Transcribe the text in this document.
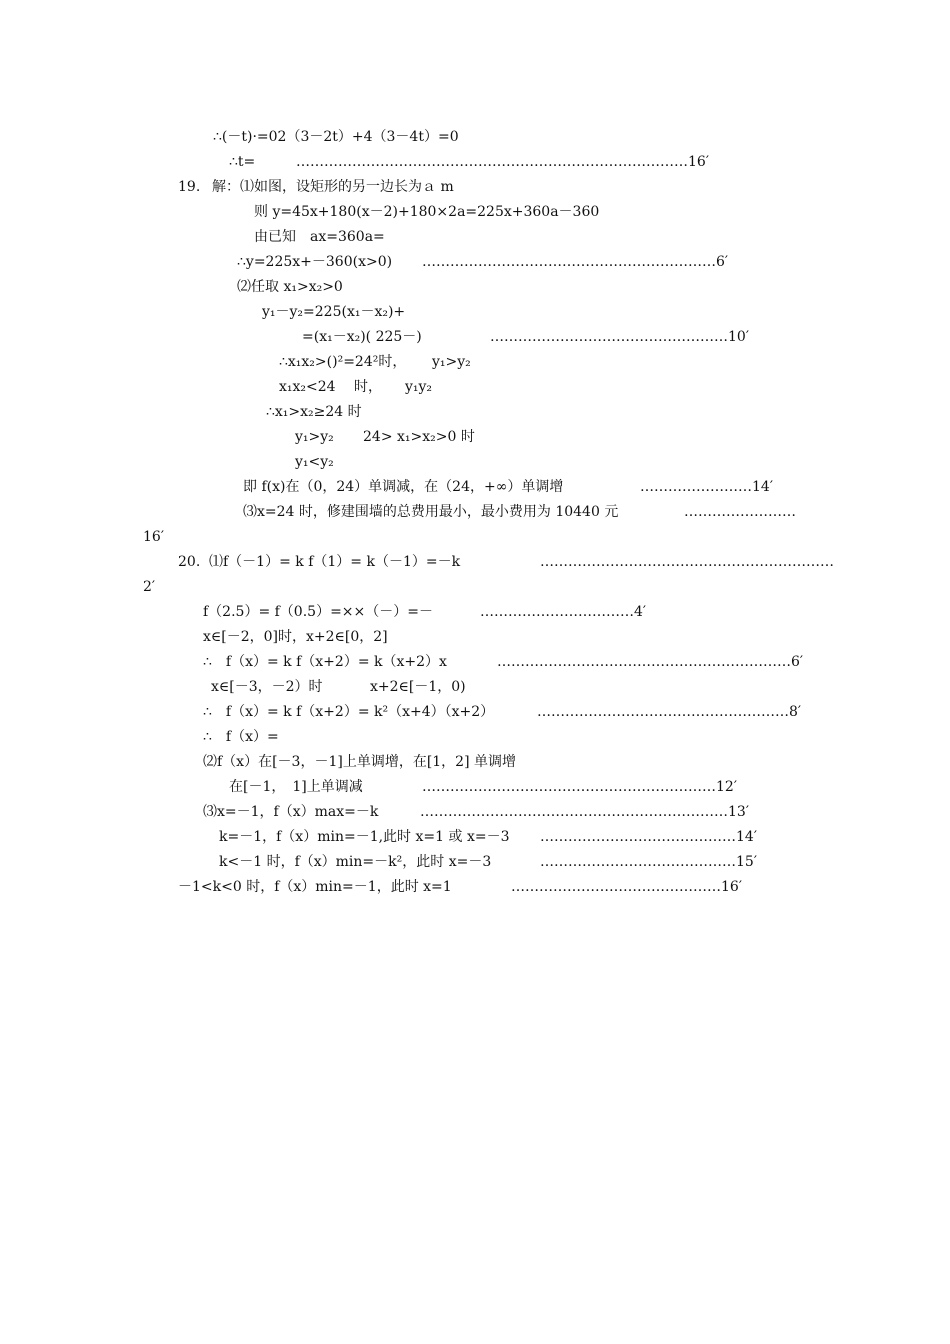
∴(－t)·=02（3－2t）+4（3－4t）=0
∴t=	…………………………………………………………………………16′
19. 解：⑴如图，设矩形的另一边长为ａ m
则 y=45x+180(x－2)+180×2a=225x+360a－360
由已知　ax=360a=
∴y=225x+－360(x>0) ………………………………………………………6′
⑵任取 x₁>x₂>0
y₁－y₂=225(x₁－x₂)+
=(x₁－x₂)( 225－)	……………………………………………10′
∴x₁x₂>()²=24²时， y₁>y₂
x₁x₂<24　 时， y₁y₂
∴x₁>x₂≥24 时
y₁>y₂ 24> x₁>x₂>0 时
y₁<y₂
即 f(x)在（0，24）单调减，在（24，+∞）单调增	……………………14′
⑶x=24 时，修建围墙的总费用最小，最小费用为 10440 元	……………………
16′
20. ⑴f（－1）= k f（1）= k（－1）=－k	………………………………………………………
2′
f（2.5）= f（0.5）=××（－）=－	……………………………4′
x∈[－2，0]时，x+2∈[0，2]
∴　f（x）= k f（x+2）= k（x+2）x	………………………………………………………6′
x∈[－3，－2）时	x+2∈[－1，0)
∴　f（x）= k f（x+2）= k²（x+4）（x+2）	………………………………………………8′
∴　f（x）=
⑵f（x）在[－3，－1]上单调增，在[1，2] 单调增
在[－1，　1]上单调减	………………………………………………………12′
⑶x=－1，f（x）max=－k	…………………………………………………………13′
k=－1，f（x）min=－1,此时 x=1 或 x=－3 ……………………………………14′
k<－1 时，f（x）min=－k²，此时 x=－3	……………………………………15′
－1<k<0 时，f（x）min=－1，此时 x=1	………………………………………16′
